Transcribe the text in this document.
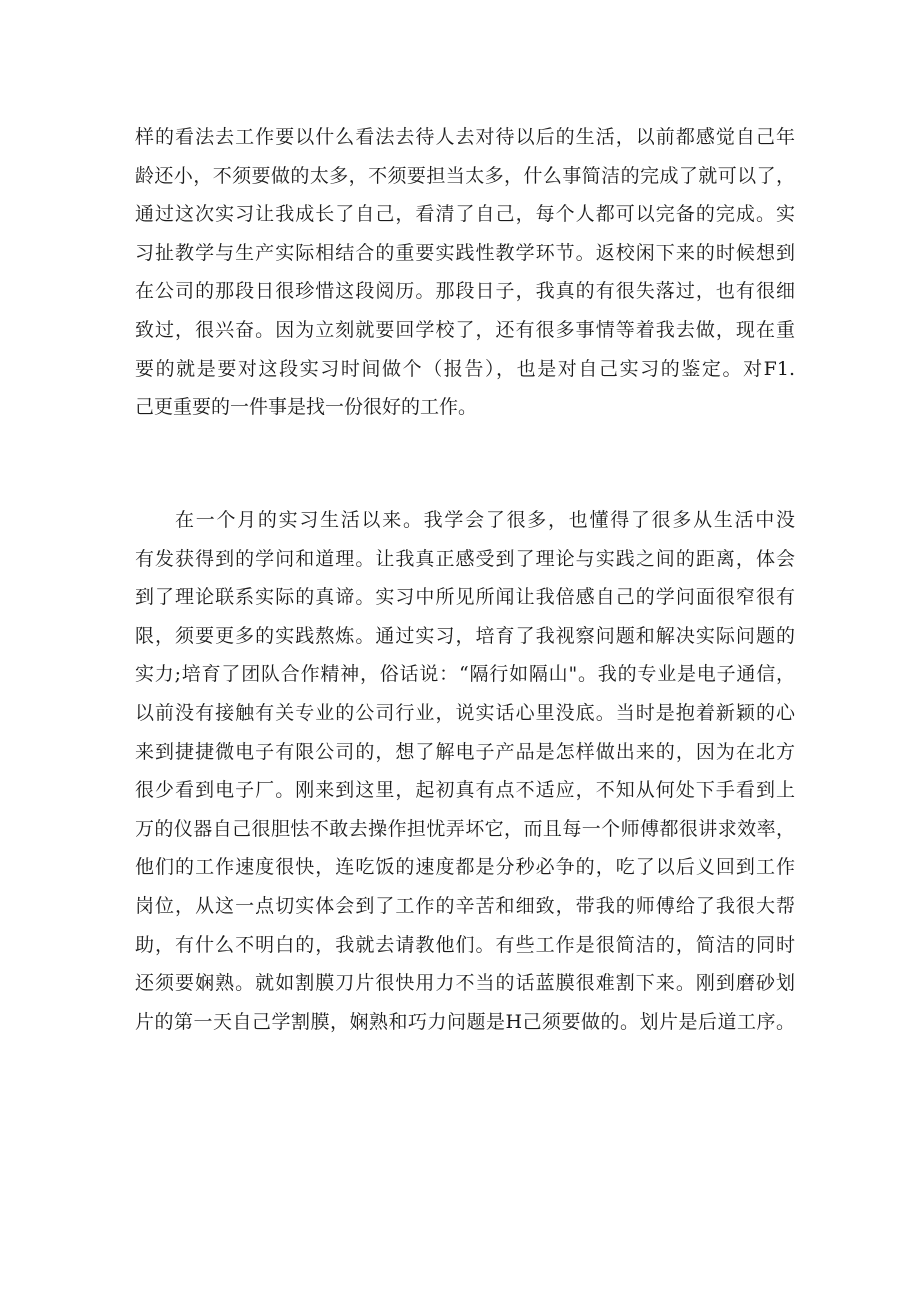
样的看法去工作要以什么看法去待人去对待以后的生活，以前都感觉自己年
龄还小，不须要做的太多，不须要担当太多，什么事简洁的完成了就可以了，
通过这次实习让我成长了自己，看清了自己，每个人都可以完备的完成。实
习扯教学与生产实际相结合的重要实践性教学环节。返校闲下来的时候想到
在公司的那段日很珍惜这段阅历。那段日子，我真的有很失落过，也有很细
致过，很兴奋。因为立刻就要回学校了，还有很多事情等着我去做，现在重
要的就是要对这段实习时间做个（报告），也是对自己实习的鉴定。对F1.
己更重要的一件事是找一份很好的工作。
在一个月的实习生活以来。我学会了很多，也懂得了很多从生活中没
有发获得到的学问和道理。让我真正感受到了理论与实践之间的距离，体会
到了理论联系实际的真谛。实习中所见所闻让我倍感自己的学问面很窄很有
限，须要更多的实践熬炼。通过实习，培育了我视察问题和解决实际问题的
实力;培育了团队合作精神，俗话说：“隔行如隔山"。我的专业是电子通信，
以前没有接触有关专业的公司行业，说实话心里没底。当时是抱着新颖的心
来到捷捷微电子有限公司的，想了解电子产品是怎样做出来的，因为在北方
很少看到电子厂。刚来到这里，起初真有点不适应，不知从何处下手看到上
万的仪器自己很胆怯不敢去操作担忧弄坏它，而且每一个师傅都很讲求效率，
他们的工作速度很快，连吃饭的速度都是分秒必争的，吃了以后义回到工作
岗位，从这一点切实体会到了工作的辛苦和细致，带我的师傅给了我很大帮
助，有什么不明白的，我就去请教他们。有些工作是很简洁的，简洁的同时
还须要娴熟。就如割膜刀片很快用力不当的话蓝膜很难割下来。刚到磨砂划
片的第一天自己学割膜，娴熟和巧力问题是H己须要做的。划片是后道工序。
